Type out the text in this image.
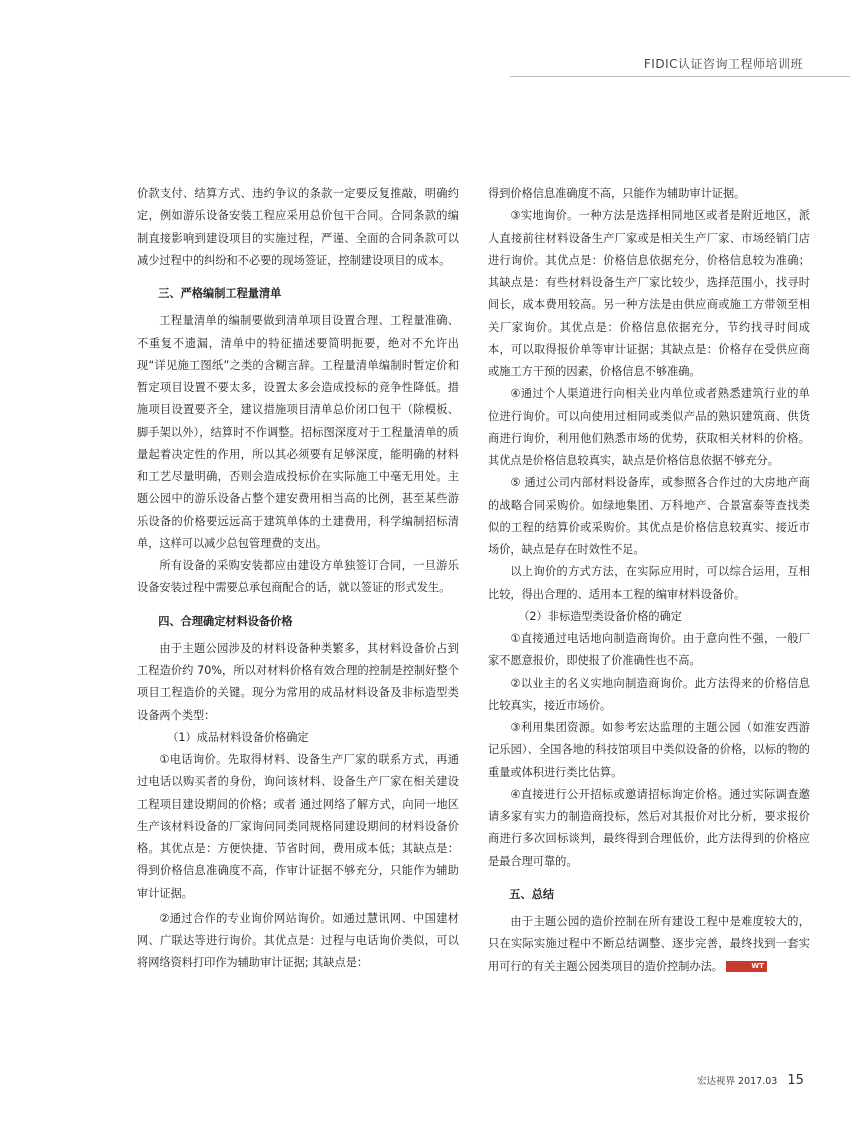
FIDIC认证咨询工程师培训班

价款支付、结算方式、违约争议的条款一定要反复推敲，明确约定，例如游乐设备安装工程应采用总价包干合同。合同条款的编制直接影响到建设项目的实施过程，严谨、全面的合同条款可以减少过程中的纠纷和不必要的现场签证，控制建设项目的成本。

三、严格编制工程量清单

工程量清单的编制要做到清单项目设置合理、工程量准确、不重复不遗漏，清单中的特征描述要简明扼要，绝对不允许出现“详见施工图纸”之类的含糊言辞。工程量清单编制时暂定价和暂定项目设置不要太多，设置太多会造成投标的竞争性降低。措施项目设置要齐全，建议措施项目清单总价闭口包干（除模板、脚手架以外），结算时不作调整。招标图深度对于工程量清单的质量起着决定性的作用，所以其必须要有足够深度，能明确的材料和工艺尽量明确，否则会造成投标价在实际施工中毫无用处。主题公园中的游乐设备占整个建安费用相当高的比例，甚至某些游乐设备的价格要远远高于建筑单体的土建费用，科学编制招标清单，这样可以减少总包管理费的支出。

所有设备的采购安装都应由建设方单独签订合同，一旦游乐设备安装过程中需要总承包商配合的话，就以签证的形式发生。

四、合理确定材料设备价格

由于主题公园涉及的材料设备种类繁多，其材料设备价占到工程造价约 70%，所以对材料价格有效合理的控制是控制好整个项目工程造价的关键。现分为常用的成品材料设备及非标造型类设备两个类型：

（1）成品材料设备价格确定

①电话询价。先取得材料、设备生产厂家的联系方式，再通过电话以购买者的身份，询问该材料、设备生产厂家在相关建设工程项目建设期间的价格；或者 通过网络了解方式，向同一地区生产该材料设备的厂家询问同类同规格同建设期间的材料设备价格。其优点是：方便快捷、节省时间，费用成本低；其缺点是：得到价格信息准确度不高，作审计证据不够充分，只能作为辅助审计证据。

②通过合作的专业询价网站询价。如通过慧讯网、中国建材网、广联达等进行询价。其优点是：过程与电话询价类似，可以将网络资料打印作为辅助审计证据; 其缺点是：

得到价格信息准确度不高，只能作为辅助审计证据。

③实地询价。一种方法是选择相同地区或者是附近地区，派人直接前往材料设备生产厂家或是相关生产厂家、市场经销门店进行询价。其优点是：价格信息依据充分，价格信息较为准确；其缺点是：有些材料设备生产厂家比较少，选择范围小，找寻时间长，成本费用较高。另一种方法是由供应商或施工方带领至相关厂家询价。其优点是：价格信息依据充分，节约找寻时间成本，可以取得报价单等审计证据；其缺点是：价格存在受供应商或施工方干预的因素，价格信息不够准确。

④通过个人渠道进行向相关业内单位或者熟悉建筑行业的单位进行询价。可以向使用过相同或类似产品的熟识建筑商、供货商进行询价，利用他们熟悉市场的优势，获取相关材料的价格。其优点是价格信息较真实，缺点是价格信息依据不够充分。

⑤ 通过公司内部材料设备库，或参照各合作过的大房地产商的战略合同采购价。如绿地集团、万科地产、合景富泰等查找类似的工程的结算价或采购价。其优点是价格信息较真实、接近市场价，缺点是存在时效性不足。

以上询价的方式方法，在实际应用时，可以综合运用，互相比较，得出合理的、适用本工程的编审材料设备价。

（2）非标造型类设备价格的确定

①直接通过电话地向制造商询价。由于意向性不强，一般厂家不愿意报价，即使报了价准确性也不高。

②以业主的名义实地向制造商询价。此方法得来的价格信息比较真实，接近市场价。

③利用集团资源。如参考宏达监理的主题公园（如淮安西游记乐园）、全国各地的科技馆项目中类似设备的价格，以标的物的重量或体积进行类比估算。

④直接进行公开招标或邀请招标询定价格。通过实际调查邀请多家有实力的制造商投标，然后对其报价对比分析，要求报价商进行多次回标谈判，最终得到合理低价，此方法得到的价格应是最合理可靠的。

五、总结

由于主题公园的造价控制在所有建设工程中是难度较大的，只在实际实施过程中不断总结调整、逐步完善，最终找到一套实用可行的有关主题公园类项目的造价控制办法。	WT

宏达视界 2017.03 15
